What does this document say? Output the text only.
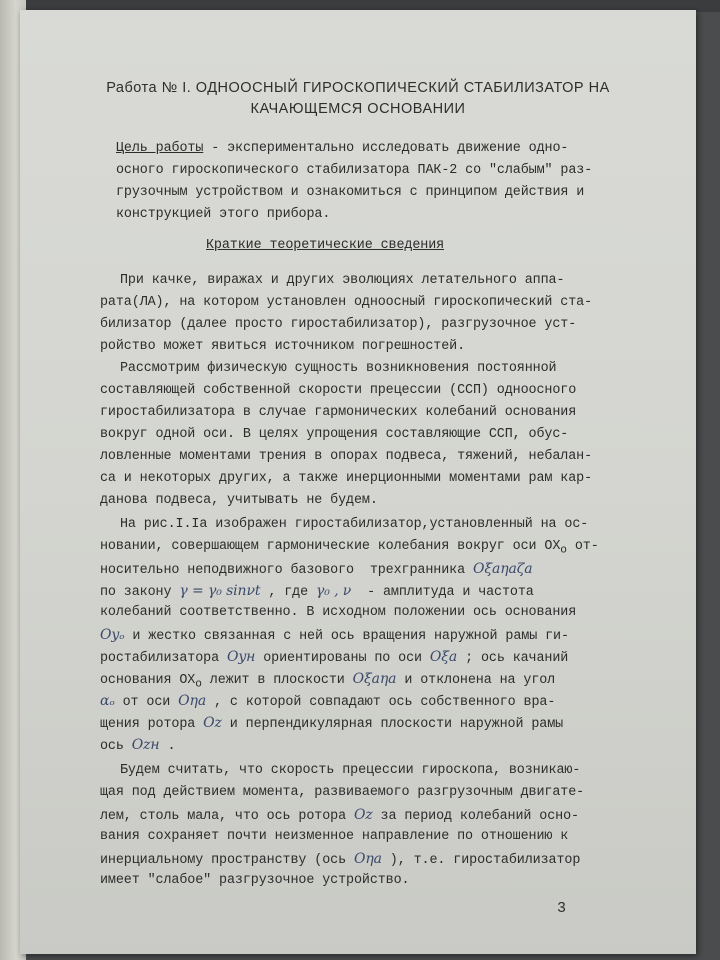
Работа № I. ОДНООСНЫЙ ГИРОСКОПИЧЕСКИЙ СТАБИЛИЗАТОР НА
КАЧАЮЩЕМСЯ ОСНОВАНИИ
Цель работы - экспериментально исследовать движение одно-
осного гироскопического стабилизатора ПАК-2 со "слабым" раз-
грузочным устройством и ознакомиться с принципом действия и
конструкцией этого прибора.
Краткие теоретические сведения
При качке, виражах и других эволюциях летательного аппа-
рата(ЛА), на котором установлен одноосный гироскопический ста-
билизатор (далее просто гиростабилизатор), разгрузочное уст-
ройство может явиться источником погрешностей.
Рассмотрим физическую сущность возникновения постоянной
составляющей собственной скорости прецессии (ССП) одноосного
гиростабилизатора в случае гармонических колебаний основания
вокруг одной оси. В целях упрощения составляющие ССП, обус-
ловленные моментами трения в опорах подвеса, тяжений, небалан-
са и некоторых других, а также инерционными моментами рам кар-
данова подвеса, учитывать не будем.
На рис.I.Iа изображен гиростабилизатор,установленный на ос-
новании, совершающем гармонические колебания вокруг оси $ОХ_о$ от-
носительно неподвижного базового  трехгранника Oξaηaζa
по закону γ = γ₀ sinνt , где γ₀ , ν  - амплитуда и частота
колебаний соответственно. В исходном положении ось основания
Oyₒ и жестко связанная с ней ось вращения наружной рамы ги-
ростабилизатора Oyн ориентированы по оси Oξa ; ось качаний
основания $ОХ_о$ лежит в плоскости Oξaηa и отклонена на угол
αₒ от оси Oηa , с которой совпадают ось собственного вра-
щения ротора Oz и перпендикулярная плоскости наружной рамы
ось Ozн .
Будем считать, что скорость прецессии гироскопа, возникаю-
щая под действием момента, развиваемого разгрузочным двигате-
лем, столь мала, что ось ротора Oz за период колебаний осно-
вания сохраняет почти неизменное направление по отношению к
инерциальному пространству (ось Oηa ), т.е. гиростабилизатор
имеет "слабое" разгрузочное устройство.
3
